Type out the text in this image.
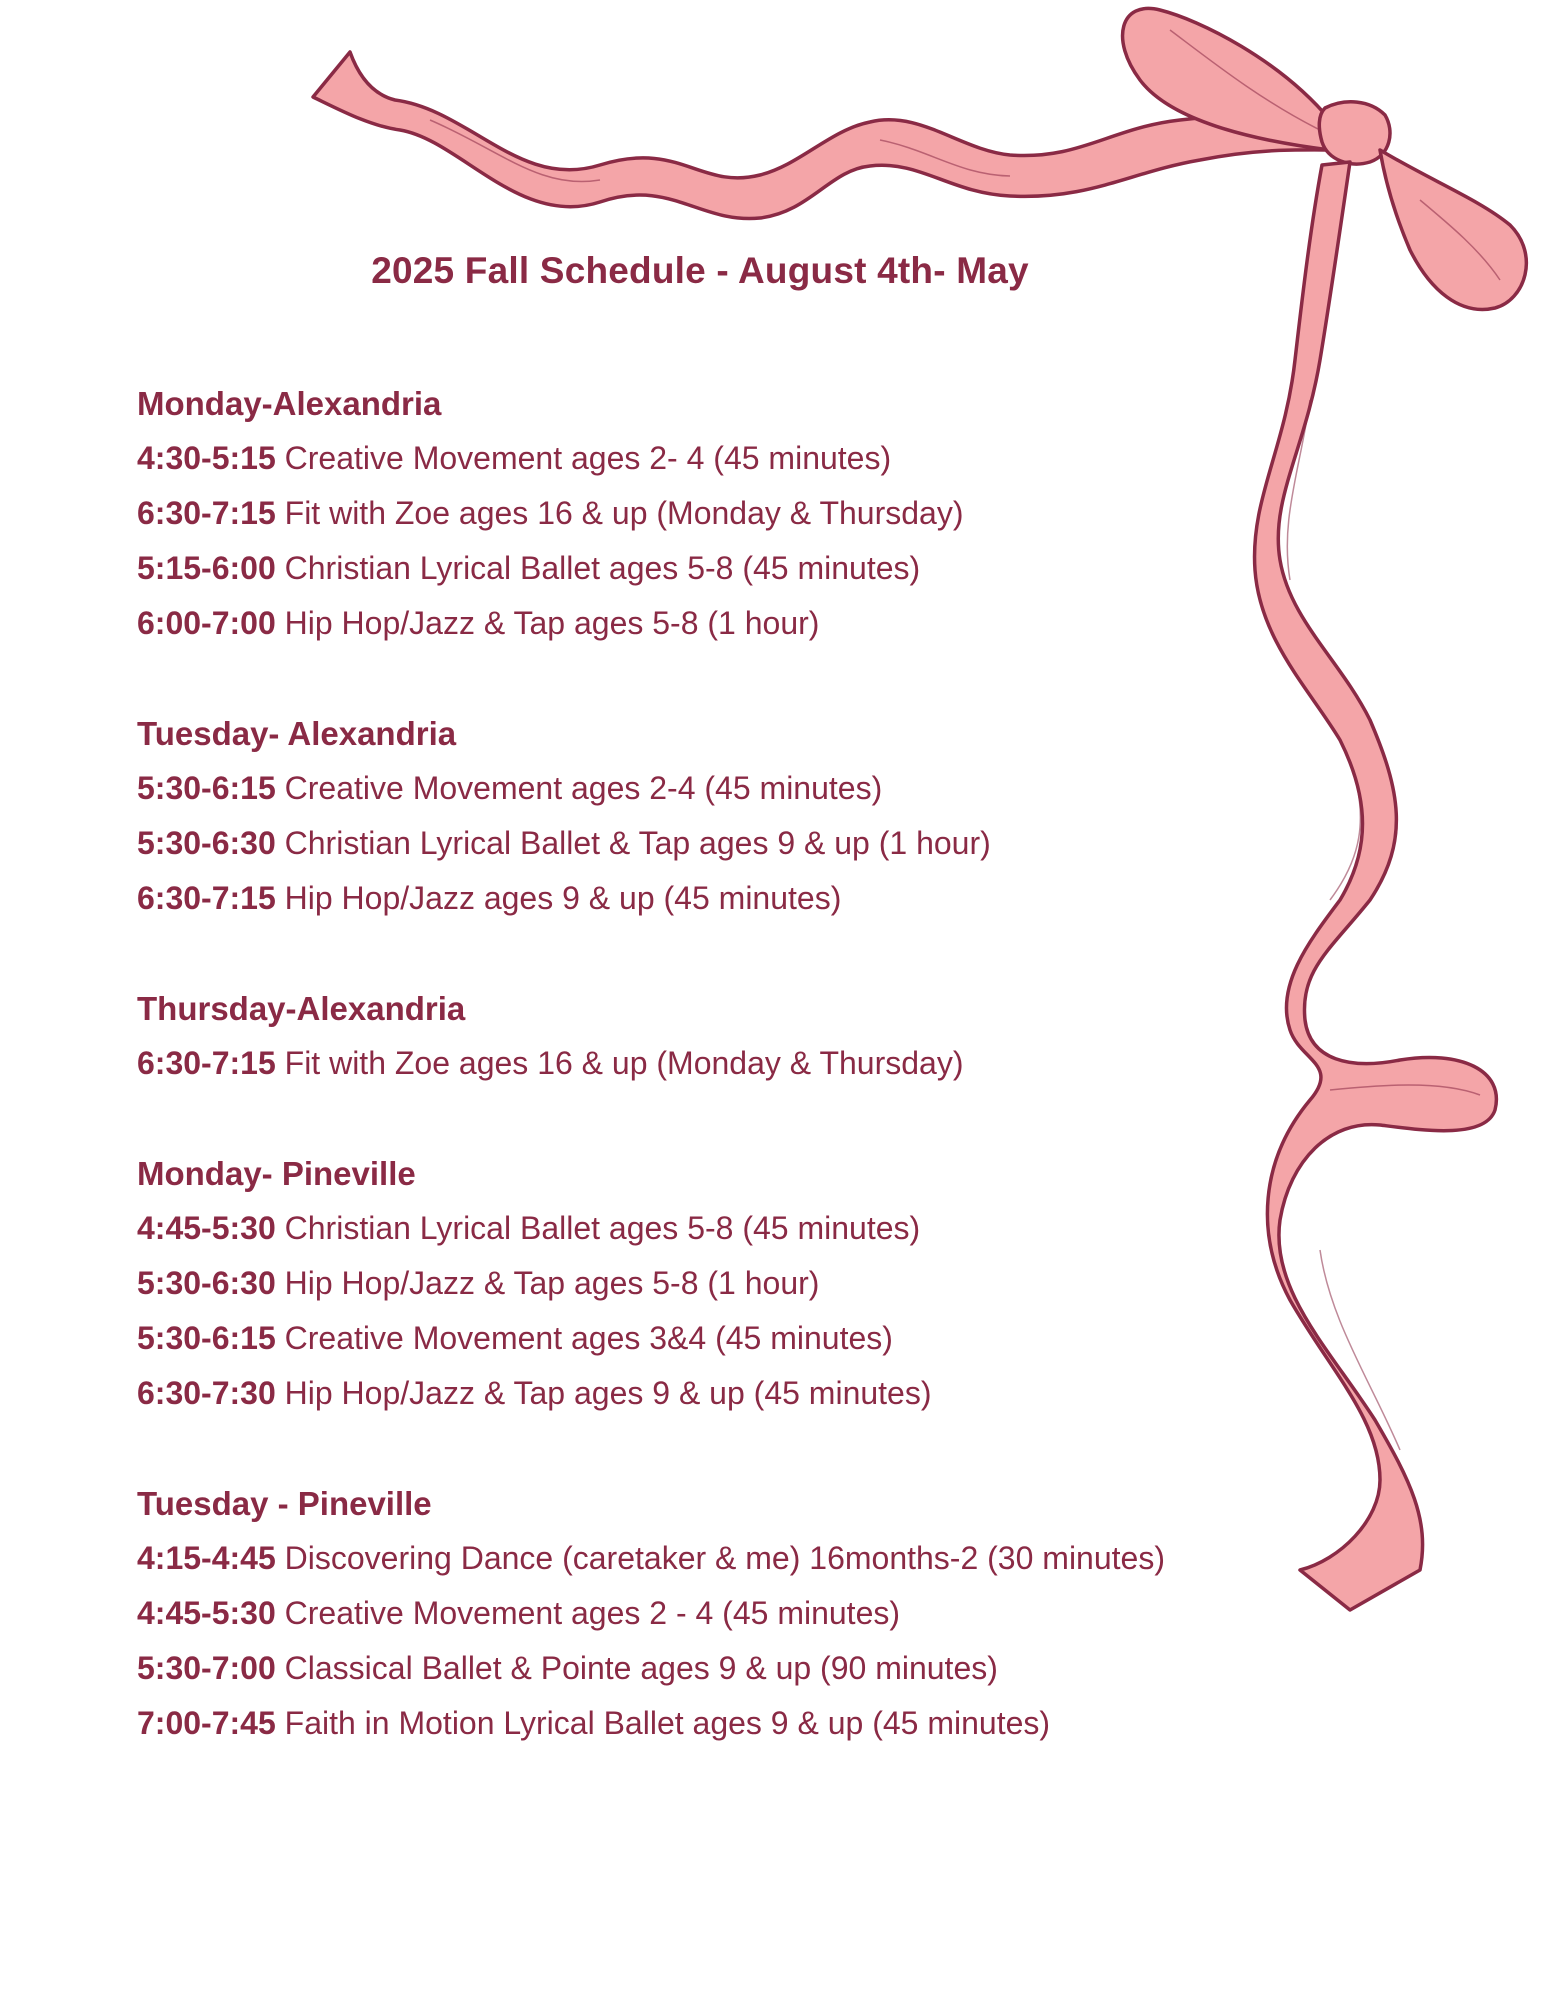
2025 Fall Schedule - August 4th- May
Monday-Alexandria
4:30-5:15 Creative Movement ages 2- 4 (45 minutes)
6:30-7:15 Fit with Zoe ages 16 & up (Monday & Thursday)
5:15-6:00 Christian Lyrical Ballet ages 5-8 (45 minutes)
6:00-7:00 Hip Hop/Jazz & Tap ages 5-8 (1 hour)
Tuesday- Alexandria
5:30-6:15 Creative Movement ages 2-4 (45 minutes)
5:30-6:30 Christian Lyrical Ballet & Tap ages 9 & up (1 hour)
6:30-7:15 Hip Hop/Jazz ages 9 & up (45 minutes)
Thursday-Alexandria
6:30-7:15 Fit with Zoe ages 16 & up (Monday & Thursday)
Monday- Pineville
4:45-5:30 Christian Lyrical Ballet ages 5-8 (45 minutes)
5:30-6:30 Hip Hop/Jazz & Tap ages 5-8 (1 hour)
5:30-6:15 Creative Movement ages 3&4 (45 minutes)
6:30-7:30 Hip Hop/Jazz & Tap ages 9 & up (45 minutes)
Tuesday - Pineville
4:15-4:45 Discovering Dance (caretaker & me) 16months-2 (30 minutes)
4:45-5:30 Creative Movement ages 2 - 4 (45 minutes)
5:30-7:00 Classical Ballet & Pointe ages 9 & up (90 minutes)
7:00-7:45 Faith in Motion Lyrical Ballet ages 9 & up (45 minutes)
